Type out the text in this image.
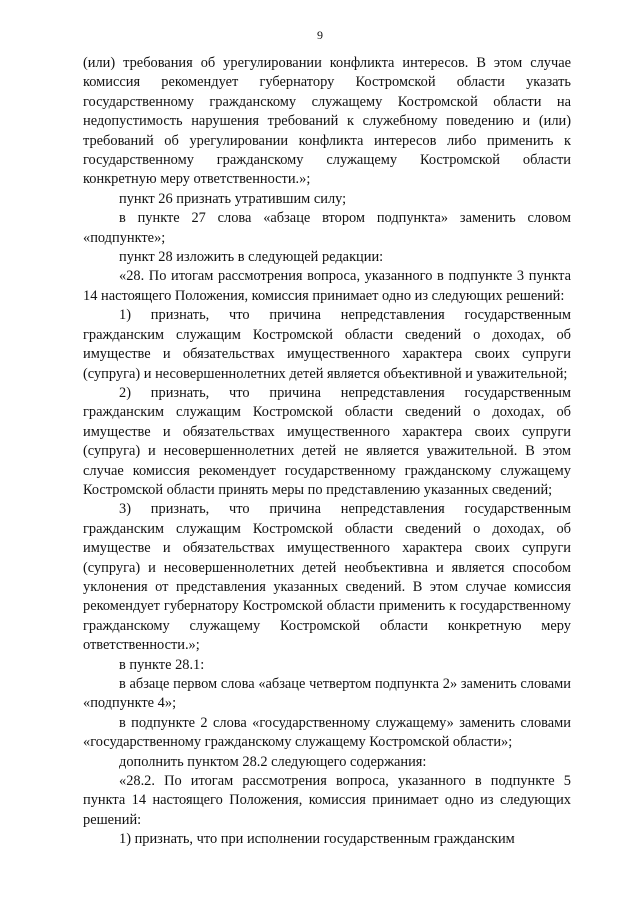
9

(или) требования об урегулировании конфликта интересов. В этом случае комиссия рекомендует губернатору Костромской области указать государственному гражданскому служащему Костромской области на недопустимость нарушения требований к служебному поведению и (или) требований об урегулировании конфликта интересов либо применить к государственному гражданскому служащему Костромской области конкретную меру ответственности.»;

пункт 26 признать утратившим силу;

в пункте 27 слова «абзаце втором подпункта» заменить словом «подпункте»;

пункт 28 изложить в следующей редакции:

«28. По итогам рассмотрения вопроса, указанного в подпункте 3 пункта 14 настоящего Положения, комиссия принимает одно из следующих решений:

1) признать, что причина непредставления государственным гражданским служащим Костромской области сведений о доходах, об имуществе и обязательствах имущественного характера своих супруги (супруга) и несовершеннолетних детей является объективной и уважительной;

2) признать, что причина непредставления государственным гражданским служащим Костромской области сведений о доходах, об имуществе и обязательствах имущественного характера своих супруги (супруга) и несовершеннолетних детей не является уважительной. В этом случае комиссия рекомендует государственному гражданскому служащему Костромской области принять меры по представлению указанных сведений;

3) признать, что причина непредставления государственным гражданским служащим Костромской области сведений о доходах, об имуществе и обязательствах имущественного характера своих супруги (супруга) и несовершеннолетних детей необъективна и является способом уклонения от представления указанных сведений. В этом случае комиссия рекомендует губернатору Костромской области применить к государственному гражданскому служащему Костромской области конкретную меру ответственности.»;

в пункте 28.1:

в абзаце первом слова «абзаце четвертом подпункта 2» заменить словами «подпункте 4»;

в подпункте 2 слова «государственному служащему» заменить словами «государственному гражданскому служащему Костромской области»;

дополнить пунктом 28.2 следующего содержания:

«28.2. По итогам рассмотрения вопроса, указанного в подпункте 5 пункта 14 настоящего Положения, комиссия принимает одно из следующих решений:

1) признать, что при исполнении государственным гражданским
